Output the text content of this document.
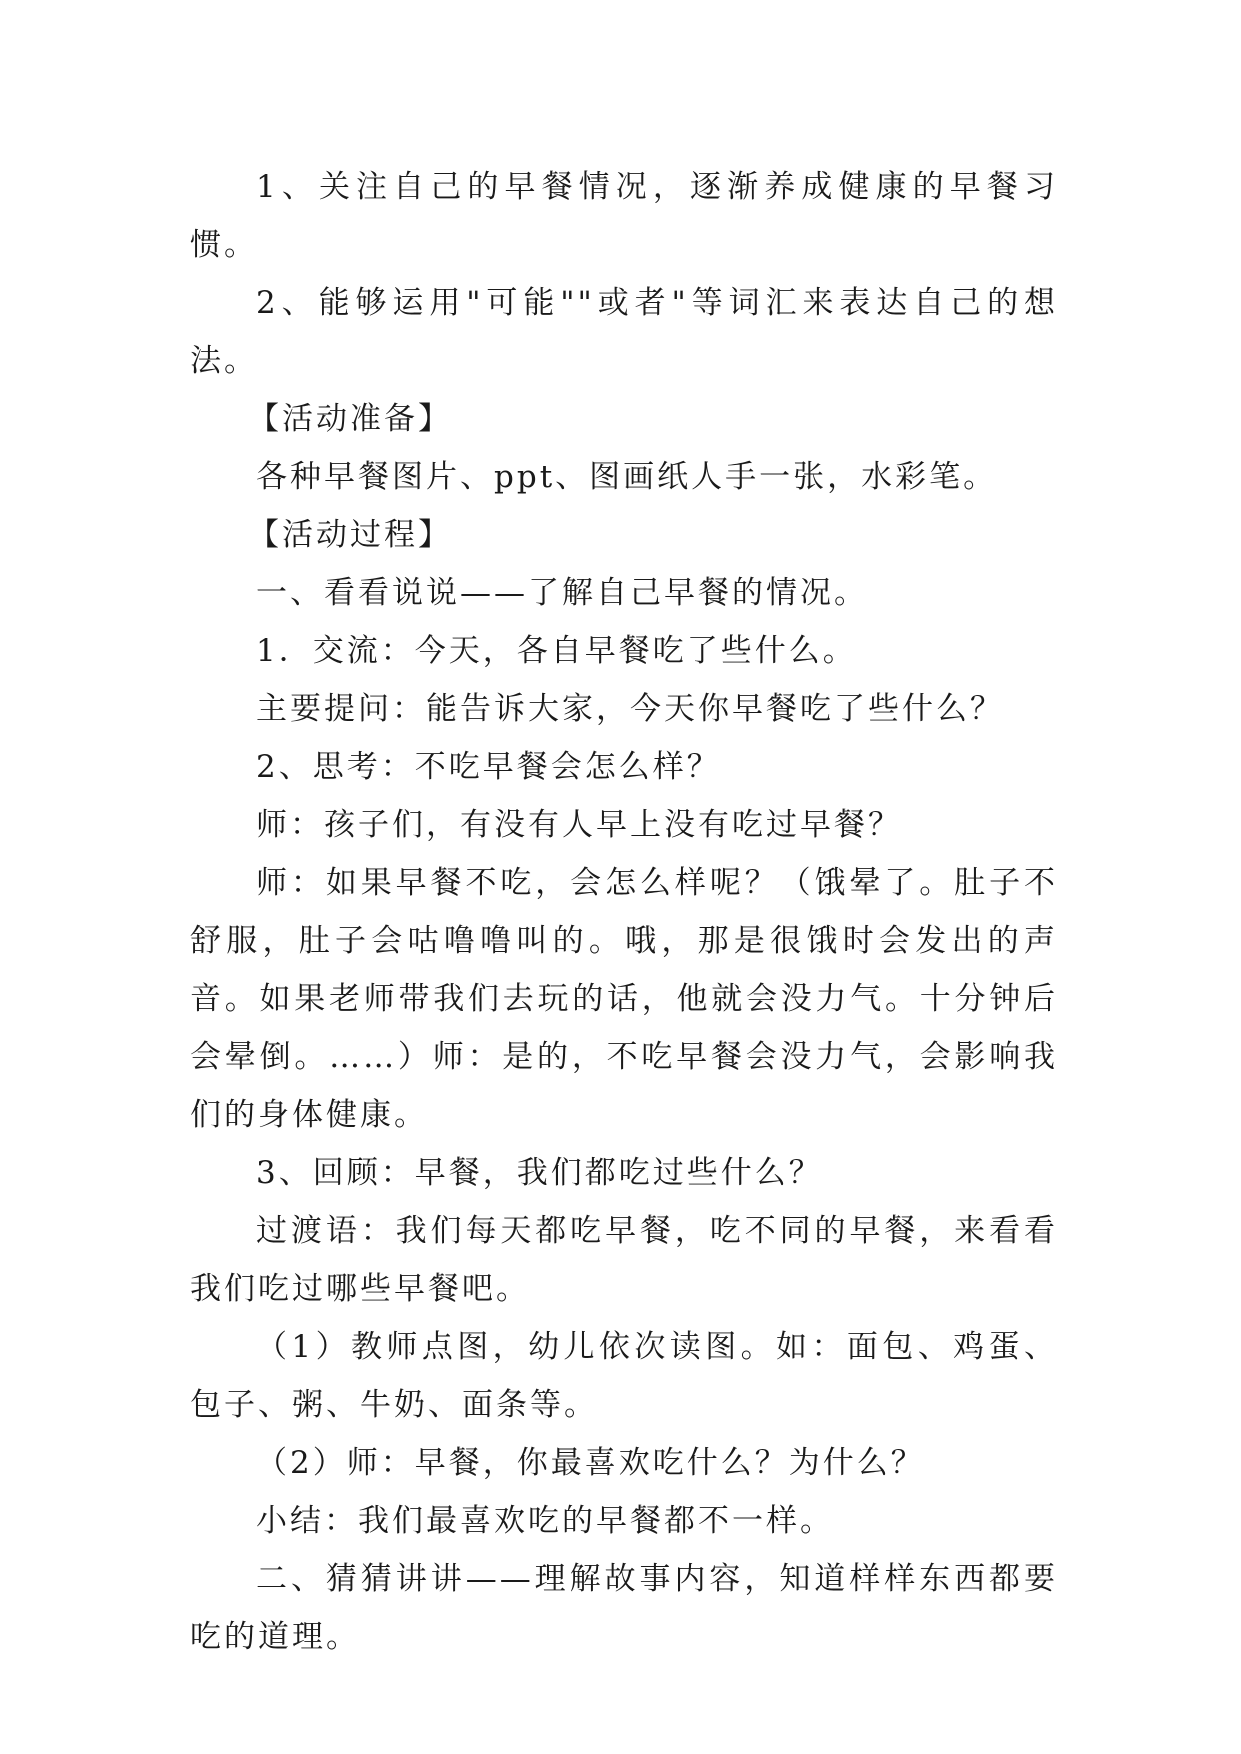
1、关注自己的早餐情况，逐渐养成健康的早餐习惯。

2、能够运用"可能""或者"等词汇来表达自己的想法。

【活动准备】

各种早餐图片、ppt、图画纸人手一张，水彩笔。

【活动过程】

一、看看说说——了解自己早餐的情况。

1．交流：今天，各自早餐吃了些什么。

主要提问：能告诉大家，今天你早餐吃了些什么？

2、思考：不吃早餐会怎么样？

师：孩子们，有没有人早上没有吃过早餐？

师：如果早餐不吃，会怎么样呢？（饿晕了。肚子不舒服，肚子会咕噜噜叫的。哦，那是很饿时会发出的声音。如果老师带我们去玩的话，他就会没力气。十分钟后会晕倒。……）师：是的，不吃早餐会没力气，会影响我们的身体健康。

3、回顾：早餐，我们都吃过些什么？

过渡语：我们每天都吃早餐，吃不同的早餐，来看看我们吃过哪些早餐吧。

（1）教师点图，幼儿依次读图。如：面包、鸡蛋、包子、粥、牛奶、面条等。

（2）师：早餐，你最喜欢吃什么？为什么？

小结：我们最喜欢吃的早餐都不一样。

二、猜猜讲讲——理解故事内容，知道样样东西都要吃的道理。
